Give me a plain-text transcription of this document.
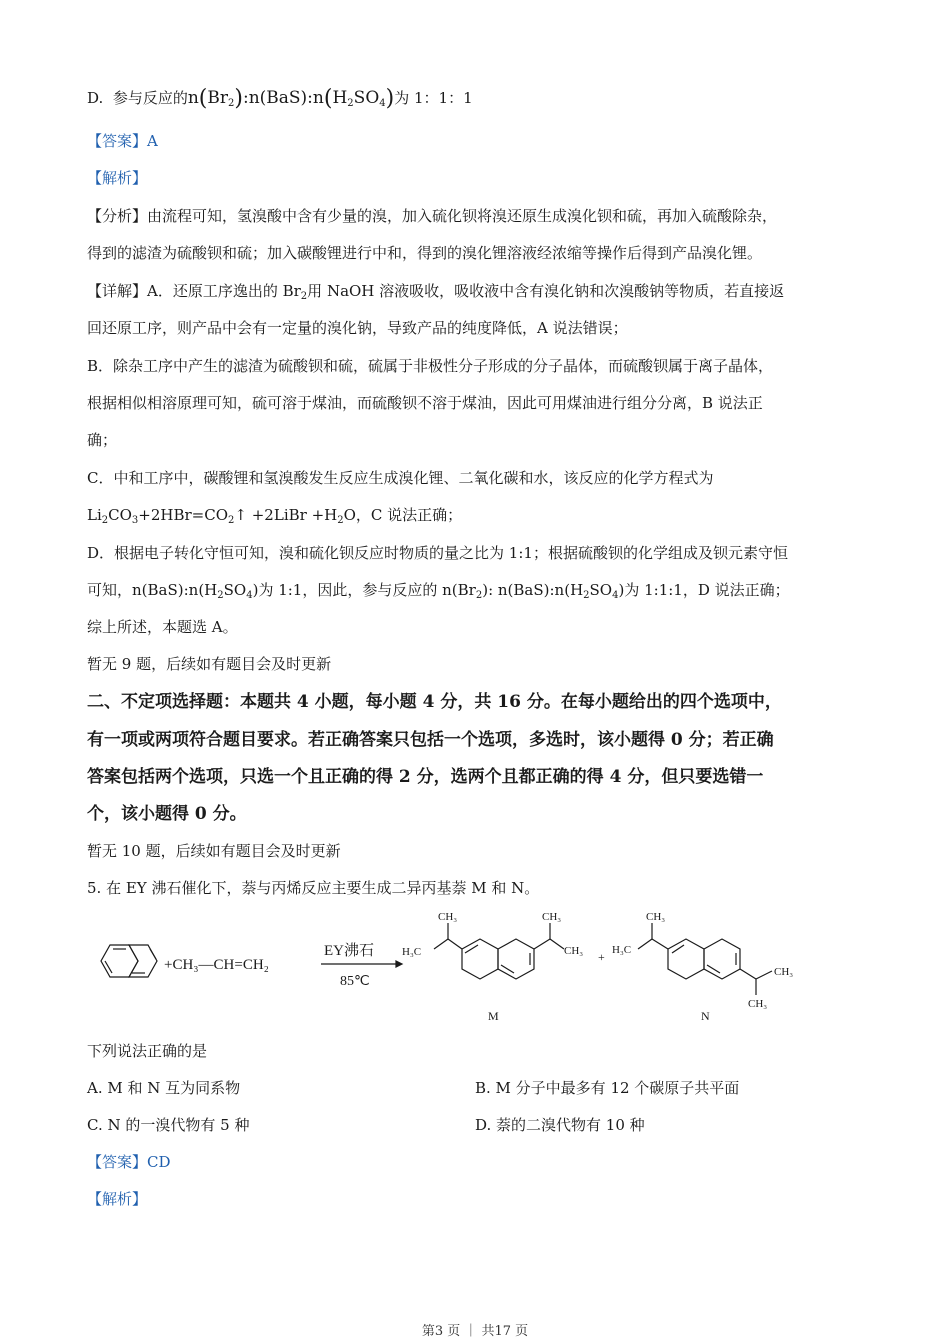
D. 参与反应的$n(Br_2):n(BaS):n(H_2SO_4)$为 1：1：1
【答案】A
【解析】
【分析】由流程可知，氢溴酸中含有少量的溴，加入硫化钡将溴还原生成溴化钡和硫，再加入硫酸除杂，
得到的滤渣为硫酸钡和硫；加入碳酸锂进行中和，得到的溴化锂溶液经浓缩等操作后得到产品溴化锂。
【详解】A．还原工序逸出的 $Br_2$用 NaOH 溶液吸收，吸收液中含有溴化钠和次溴酸钠等物质，若直接返
回还原工序，则产品中会有一定量的溴化钠，导致产品的纯度降低，A 说法错误；
B．除杂工序中产生的滤渣为硫酸钡和硫，硫属于非极性分子形成的分子晶体，而硫酸钡属于离子晶体，
根据相似相溶原理可知，硫可溶于煤油，而硫酸钡不溶于煤油，因此可用煤油进行组分分离，B 说法正
确；
C．中和工序中，碳酸锂和氢溴酸发生反应生成溴化锂、二氧化碳和水，该反应的化学方程式为
$Li_2CO_3+2HBr=CO_2↑$ +2LiBr $+H_2O$，C 说法正确；
D．根据电子转化守恒可知，溴和硫化钡反应时物质的量之比为 1:1；根据硫酸钡的化学组成及钡元素守恒
可知，$n(BaS):n(H_2SO_4)$为 1:1，因此，参与反应的 $n(Br_2)$: $n(BaS):n(H_2SO_4)$为 1:1:1，D 说法正确；
综上所述，本题选 A。
暂无 9 题，后续如有题目会及时更新
二、不定项选择题：本题共 4 小题，每小题 4 分，共 16 分。在每小题给出的四个选项中，
有一项或两项符合题目要求。若正确答案只包括一个选项，多选时，该小题得 0 分；若正确
答案包括两个选项，只选一个且正确的得 2 分，选两个且都正确的得 4 分，但只要选错一
个，该小题得 0 分。
暂无 10 题，后续如有题目会及时更新
5. 在 EY 沸石催化下，萘与丙烯反应主要生成二异丙基萘 M 和 N。
+CH₃—CH=CH₂
EY沸石
85℃
CH₃
H₃C
CH₃
CH₃
M
+
CH₃
H₃C
CH₃
CH₃
N
下列说法正确的是
A. M 和 N 互为同系物	B. M 分子中最多有 12 个碳原子共平面
C. N 的一溴代物有 5 种	D. 萘的二溴代物有 10 种
【答案】CD
【解析】
第3 页 ｜ 共17 页
